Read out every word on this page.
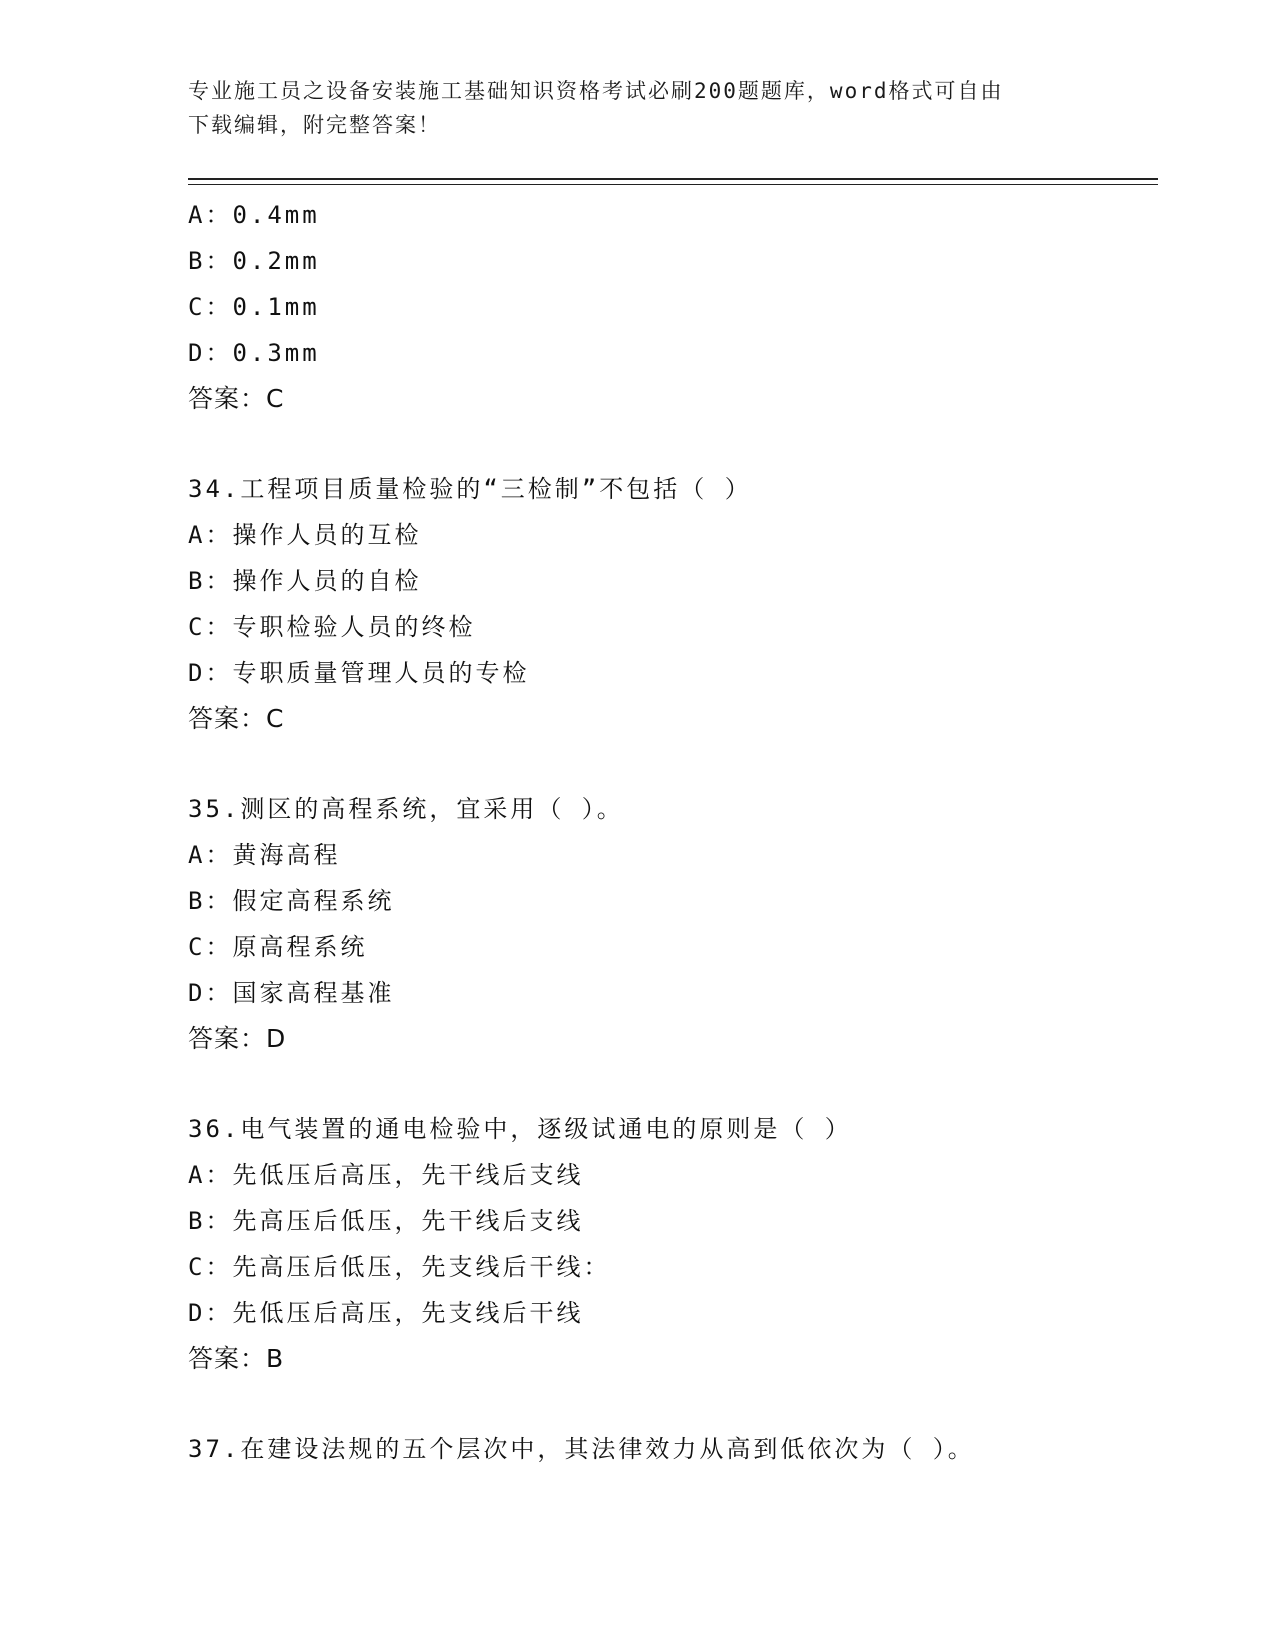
专业施工员之设备安装施工基础知识资格考试必刷200题题库，word格式可自由
下载编辑，附完整答案！
A：0.4mm
B：0.2mm
C：0.1mm
D：0.3mm
答案：C
34.工程项目质量检验的“三检制”不包括（ ）
A：操作人员的互检
B：操作人员的自检
C：专职检验人员的终检
D：专职质量管理人员的专检
答案：C
35.测区的高程系统，宜采用（ ）。
A：黄海高程
B：假定高程系统
C：原高程系统
D：国家高程基准
答案：D
36.电气装置的通电检验中，逐级试通电的原则是（ ）
A：先低压后高压，先干线后支线
B：先高压后低压，先干线后支线
C：先高压后低压，先支线后干线：
D：先低压后高压，先支线后干线
答案：B
37.在建设法规的五个层次中，其法律效力从高到低依次为（ ）。
